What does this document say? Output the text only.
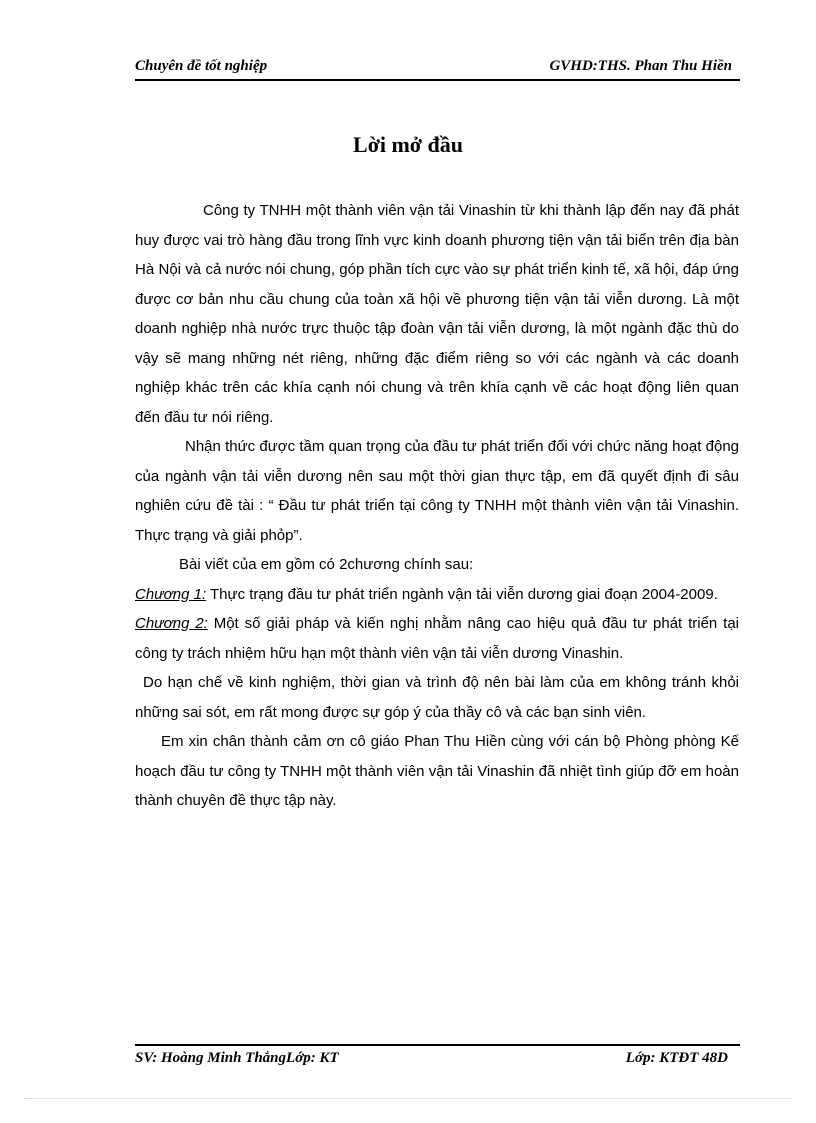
Chuyên đề tốt nghiệp	GVHD:THS. Phan Thu Hiền
Lời mở đầu

Công ty TNHH một thành viên vận tải Vinashin từ khi thành lập đến nay đã phát huy được vai trò hàng đầu trong lĩnh vực kinh doanh phương tiện vận tải biển trên địa bàn Hà Nội và cả nước nói chung, góp phần tích cực vào sự phát triển kinh tế, xã hội, đáp ứng được cơ bản nhu cầu chung của toàn xã hội về phương tiện vận tải viễn dương. Là một doanh nghiệp nhà nước trực thuộc tập đoàn vận tải viễn dương, là một ngành đặc thù do vậy sẽ mang những nét riêng, những đặc điểm riêng so với các ngành và các doanh nghiệp khác trên các khía cạnh nói chung và trên khía cạnh về các hoạt động liên quan đến đầu tư nói riêng.

Nhận thức được tầm quan trọng của đầu tư phát triển đối với chức năng hoạt động của ngành vận tải viễn dương nên sau một thời gian thực tập, em đã quyết định đi sâu nghiên cứu đề tài : “ Đầu tư phát triển tại công ty TNHH một thành viên vận tải Vinashin. Thực trạng và giải phỏp”.

Bài viết của em gồm có 2chương chính sau:

Chương 1: Thực trạng đầu tư phát triển ngành vận tải viễn dương giai đoạn 2004-2009.

Chương 2: Một số giải pháp và kiến nghị nhằm nâng cao hiệu quả đầu tư phát triển tại công ty trách nhiệm hữu hạn một thành viên vận tải viễn dương Vinashin.

Do hạn chế về kinh nghiệm, thời gian và trình độ nên bài làm của em không tránh khỏi những sai sót, em rất mong được sự góp ý của thầy cô và các bạn sinh viên.

Em xin chân thành cảm ơn cô giáo Phan Thu Hiền cùng với cán bộ Phòng phòng Kế hoạch đầu tư công ty TNHH một thành viên vận tải Vinashin đã nhiệt tình giúp đỡ em hoàn thành chuyên đề thực tập này.

SV: Hoàng Minh ThắngLớp: KT	Lớp: KTĐT 48D
